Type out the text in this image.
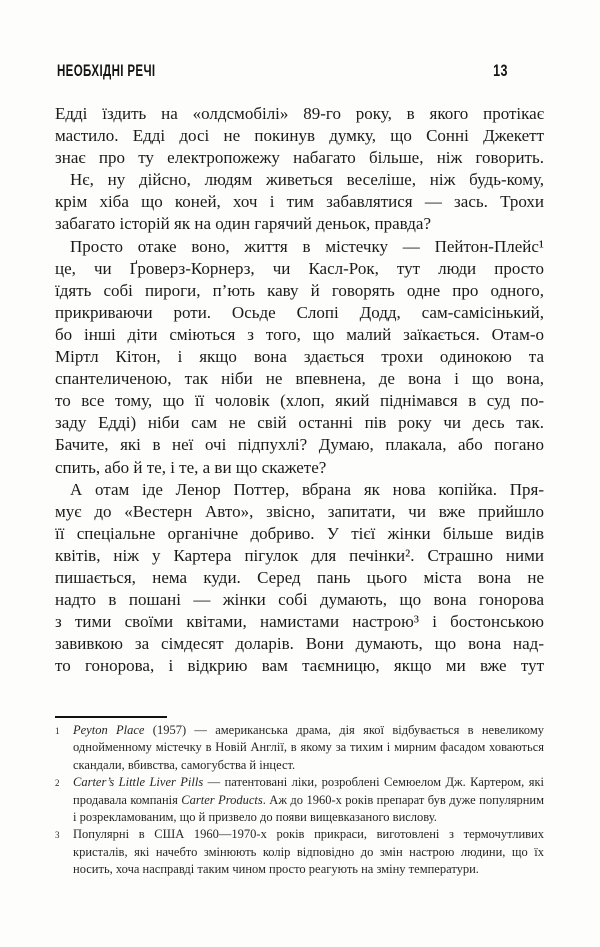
НЕОБХІДНІ РЕЧІ	13
Едді їздить на «олдсмобілі» 89-го року, в якого протікає
мастило. Едді досі не покинув думку, що Сонні Джекетт
знає про ту електропожежу набагато більше, ніж говорить.
Нє, ну дійсно, людям живеться веселіше, ніж будь-кому,
крім хіба що коней, хоч і тим забавлятися — зась. Трохи
забагато історій як на один гарячий деньок, правда?
Просто отаке воно, життя в містечку — Пейтон-Плейс¹
це, чи Ґроверз-Корнерз, чи Касл-Рок, тут люди просто
їдять собі пироги, п’ють каву й говорять одне про одного,
прикриваючи роти. Осьде Слопі Додд, сам-самісінький,
бо інші діти сміються з того, що малий заїкається. Отам-о
Міртл Кітон, і якщо вона здається трохи одинокою та
спантеличеною, так ніби не впевнена, де вона і що вона,
то все тому, що її чоловік (хлоп, який піднімався в суд по-
заду Едді) ніби сам не свій останні пів року чи десь так.
Бачите, які в неї очі підпухлі? Думаю, плакала, або погано
спить, або й те, і те, а ви що скажете?
А отам іде Ленор Поттер, вбрана як нова копійка. Пря-
мує до «Вестерн Авто», звісно, запитати, чи вже прийшло
її спеціальне органічне добриво. У тієї жінки більше видів
квітів, ніж у Картера пігулок для печінки². Страшно ними
пишається, нема куди. Серед пань цього міста вона не
надто в пошані — жінки собі думають, що вона гонорова
з тими своїми квітами, намистами настрою³ і бостонською
завивкою за сімдесят доларів. Вони думають, що вона над-
то гонорова, і відкрию вам таємницю, якщо ми вже тут
1	Peyton Place (1957) — американська драма, дія якої відбувається в невеликому однойменному містечку в Новій Англії, в якому за тихим і мирним фасадом ховаються скандали, вбивства, самогубства й інцест.
2	Carter’s Little Liver Pills — патентовані ліки, розроблені Семюелом Дж. Картером, які продавала компанія Carter Products. Аж до 1960-х років препарат був дуже популярним і розрекламованим, що й призвело до появи вищевказаного вислову.
3	Популярні в США 1960—1970-х років прикраси, виготовлені з термочутливих кристалів, які начебто змінюють колір відповідно до змін настрою людини, що їх носить, хоча насправді таким чином просто реагують на зміну температури.
